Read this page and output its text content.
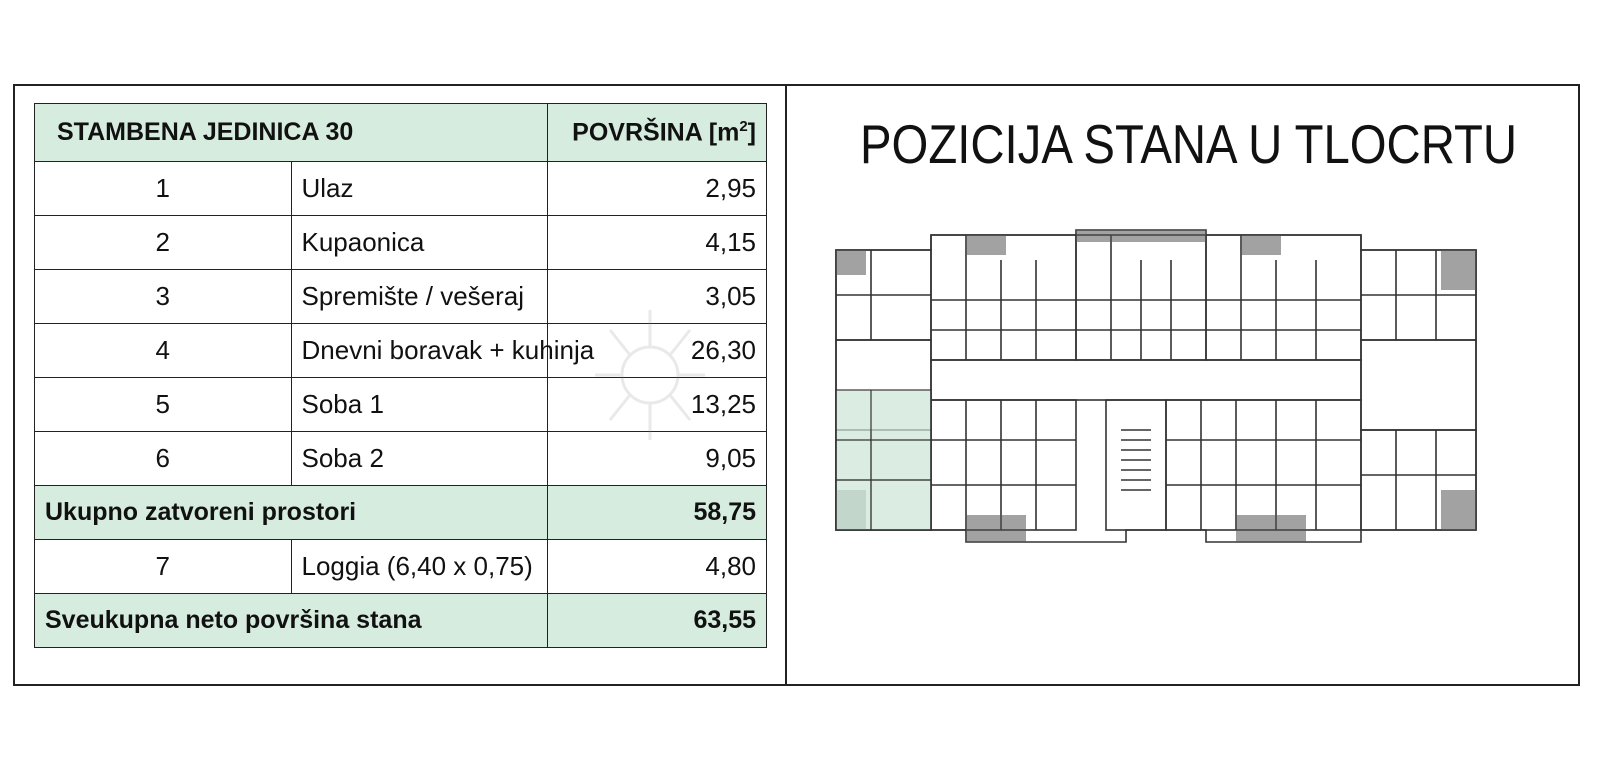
STAMBENA JEDINICA 30		POVRŠINA $[m^2]$
1	Ulaz	2,95
2	Kupaonica	4,15
3	Spremište / vešeraj	3,05
4	Dnevni boravak + kuhinja	26,30
5	Soba 1	13,25
6	Soba 2	9,05
Ukupno zatvoreni prostori		58,75
7	Loggia (6,40 x 0,75)	4,80
Sveukupna neto površina stana		63,55
POZICIJA STANA U TLOCRTU
